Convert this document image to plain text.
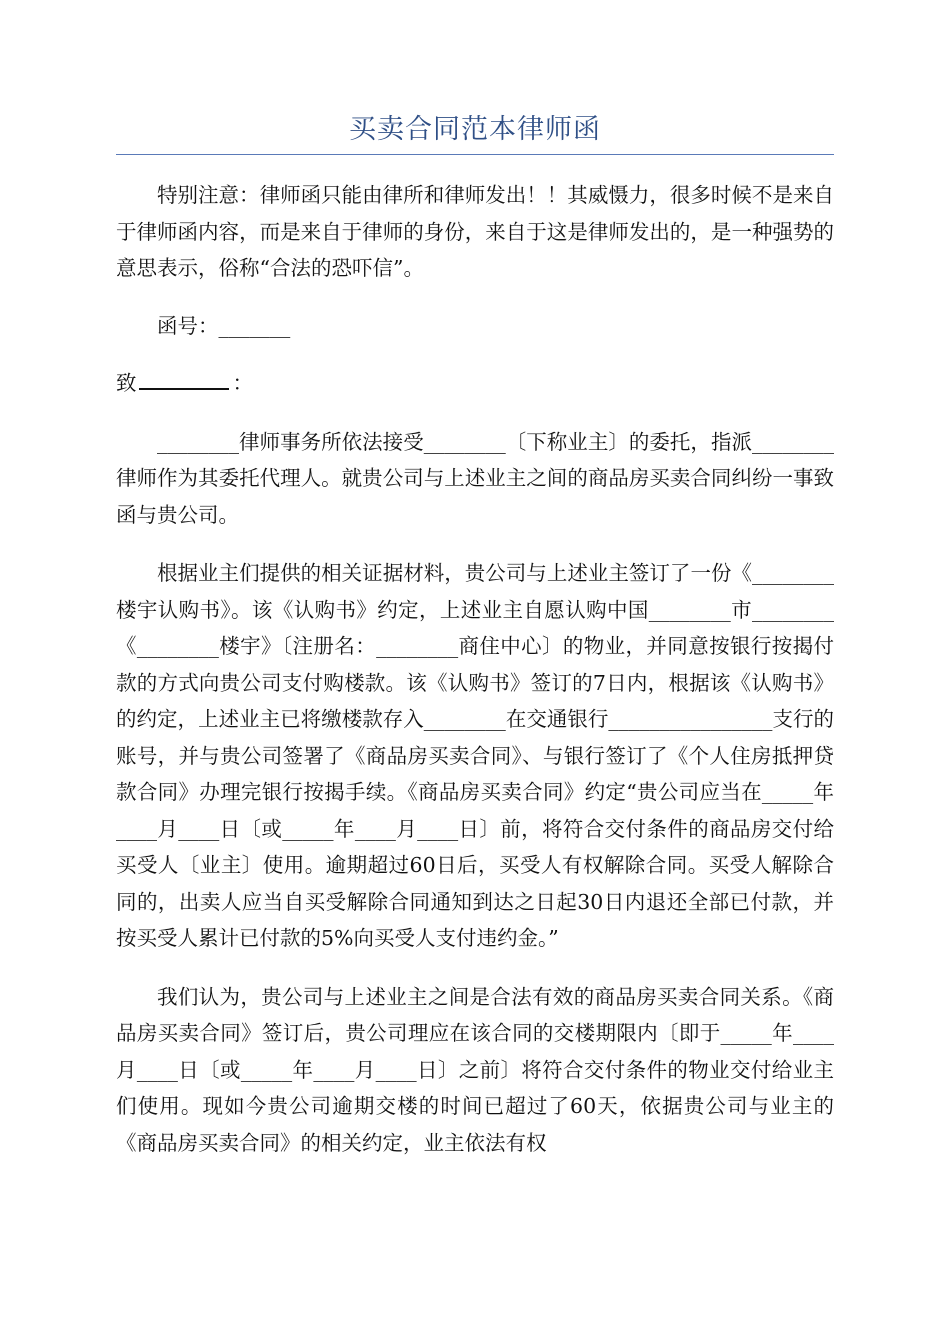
买卖合同范本律师函

特别注意：律师函只能由律所和律师发出！！其威慑力，很多时候不是来自于律师函内容，而是来自于律师的身份，来自于这是律师发出的，是一种强势的意思表示，俗称“合法的恐吓信”。

函号：_______

致	：

________律师事务所依法接受________〔下称业主〕的委托，指派________律师作为其委托代理人。就贵公司与上述业主之间的商品房买卖合同纠纷一事致函与贵公司。

根据业主们提供的相关证据材料，贵公司与上述业主签订了一份《________楼宇认购书》。该《认购书》约定，上述业主自愿认购中国________市________《________楼宇》〔注册名：________商住中心〕的物业，并同意按银行按揭付款的方式向贵公司支付购楼款。该《认购书》签订的7日内，根据该《认购书》的约定，上述业主已将缴楼款存入________在交通银行________________支行的账号，并与贵公司签署了《商品房买卖合同》、与银行签订了《个人住房抵押贷款合同》办理完银行按揭手续。《商品房买卖合同》约定“贵公司应当在_____年____月____日〔或_____年____月____日〕前，将符合交付条件的商品房交付给买受人〔业主〕使用。逾期超过60日后，买受人有权解除合同。买受人解除合同的，出卖人应当自买受解除合同通知到达之日起30日内退还全部已付款，并按买受人累计已付款的5%向买受人支付违约金。”

我们认为，贵公司与上述业主之间是合法有效的商品房买卖合同关系。《商品房买卖合同》签订后，贵公司理应在该合同的交楼期限内〔即于_____年____月____日〔或_____年____月____日〕之前〕将符合交付条件的物业交付给业主们使用。现如今贵公司逾期交楼的时间已超过了60天，依据贵公司与业主的《商品房买卖合同》的相关约定，业主依法有权
